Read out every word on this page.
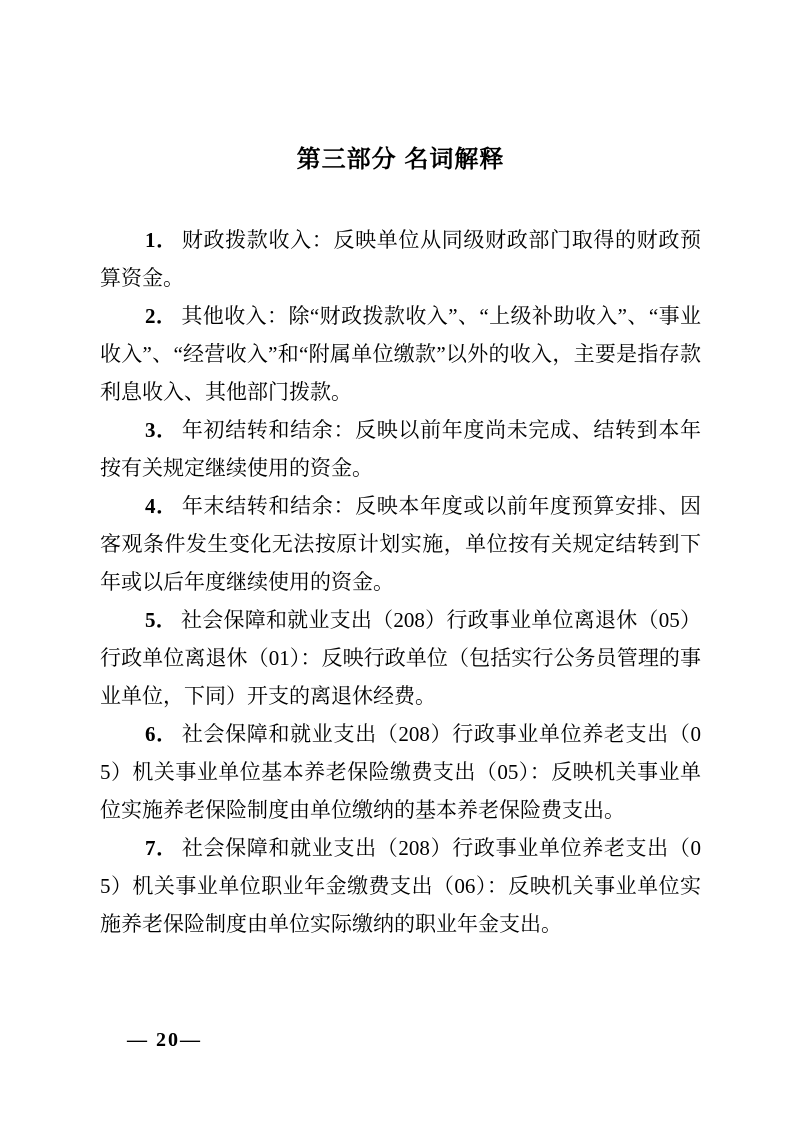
第三部分 名词解释

1． 财政拨款收入：反映单位从同级财政部门取得的财政预算资金。

2． 其他收入：除“财政拨款收入”、“上级补助收入”、“事业收入”、“经营收入”和“附属单位缴款”以外的收入，主要是指存款利息收入、其他部门拨款。

3． 年初结转和结余：反映以前年度尚未完成、结转到本年按有关规定继续使用的资金。

4． 年末结转和结余：反映本年度或以前年度预算安排、因客观条件发生变化无法按原计划实施，单位按有关规定结转到下年或以后年度继续使用的资金。

5． 社会保障和就业支出（208）行政事业单位离退休（05）行政单位离退休（01）：反映行政单位（包括实行公务员管理的事业单位，下同）开支的离退休经费。

6． 社会保障和就业支出（208）行政事业单位养老支出（05）机关事业单位基本养老保险缴费支出（05）：反映机关事业单位实施养老保险制度由单位缴纳的基本养老保险费支出。

7． 社会保障和就业支出（208）行政事业单位养老支出（05）机关事业单位职业年金缴费支出（06）：反映机关事业单位实施养老保险制度由单位实际缴纳的职业年金支出。

— 20—
